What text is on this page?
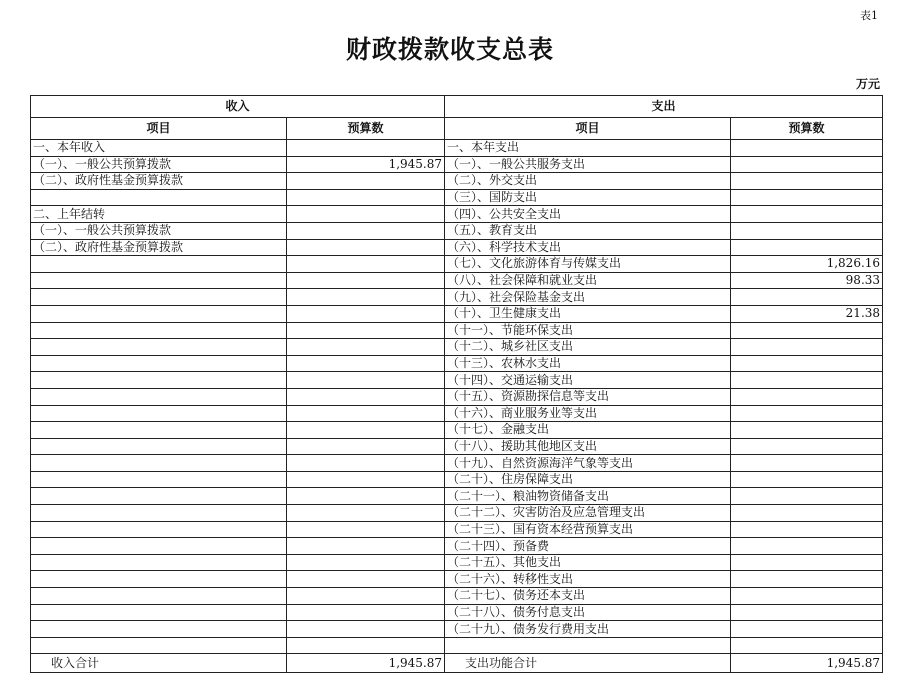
表1
财政拨款收支总表
万元
收入		支出	
项目	预算数	项目	预算数
一、本年收入		一、本年支出	
（一）、一般公共预算拨款	1,945.87	（一）、一般公共服务支出	
（二）、政府性基金预算拨款		（二）、外交支出	
		（三）、国防支出	
二、上年结转		（四）、公共安全支出	
（一）、一般公共预算拨款		（五）、教育支出	
（二）、政府性基金预算拨款		（六）、科学技术支出	
		（七）、文化旅游体育与传媒支出	1,826.16
		（八）、社会保障和就业支出	98.33
		（九）、社会保险基金支出	
		（十）、卫生健康支出	21.38
		（十一）、节能环保支出	
		（十二）、城乡社区支出	
		（十三）、农林水支出	
		（十四）、交通运输支出	
		（十五）、资源勘探信息等支出	
		（十六）、商业服务业等支出	
		（十七）、金融支出	
		（十八）、援助其他地区支出	
		（十九）、自然资源海洋气象等支出	
		（二十）、住房保障支出	
		（二十一）、粮油物资储备支出	
		（二十二）、灾害防治及应急管理支出	
		（二十三）、国有资本经营预算支出	
		（二十四）、预备费	
		（二十五）、其他支出	
		（二十六）、转移性支出	
		（二十七）、债务还本支出	
		（二十八）、债务付息支出	
		（二十九）、债务发行费用支出	

收入合计	1,945.87	支出功能合计	1,945.87
